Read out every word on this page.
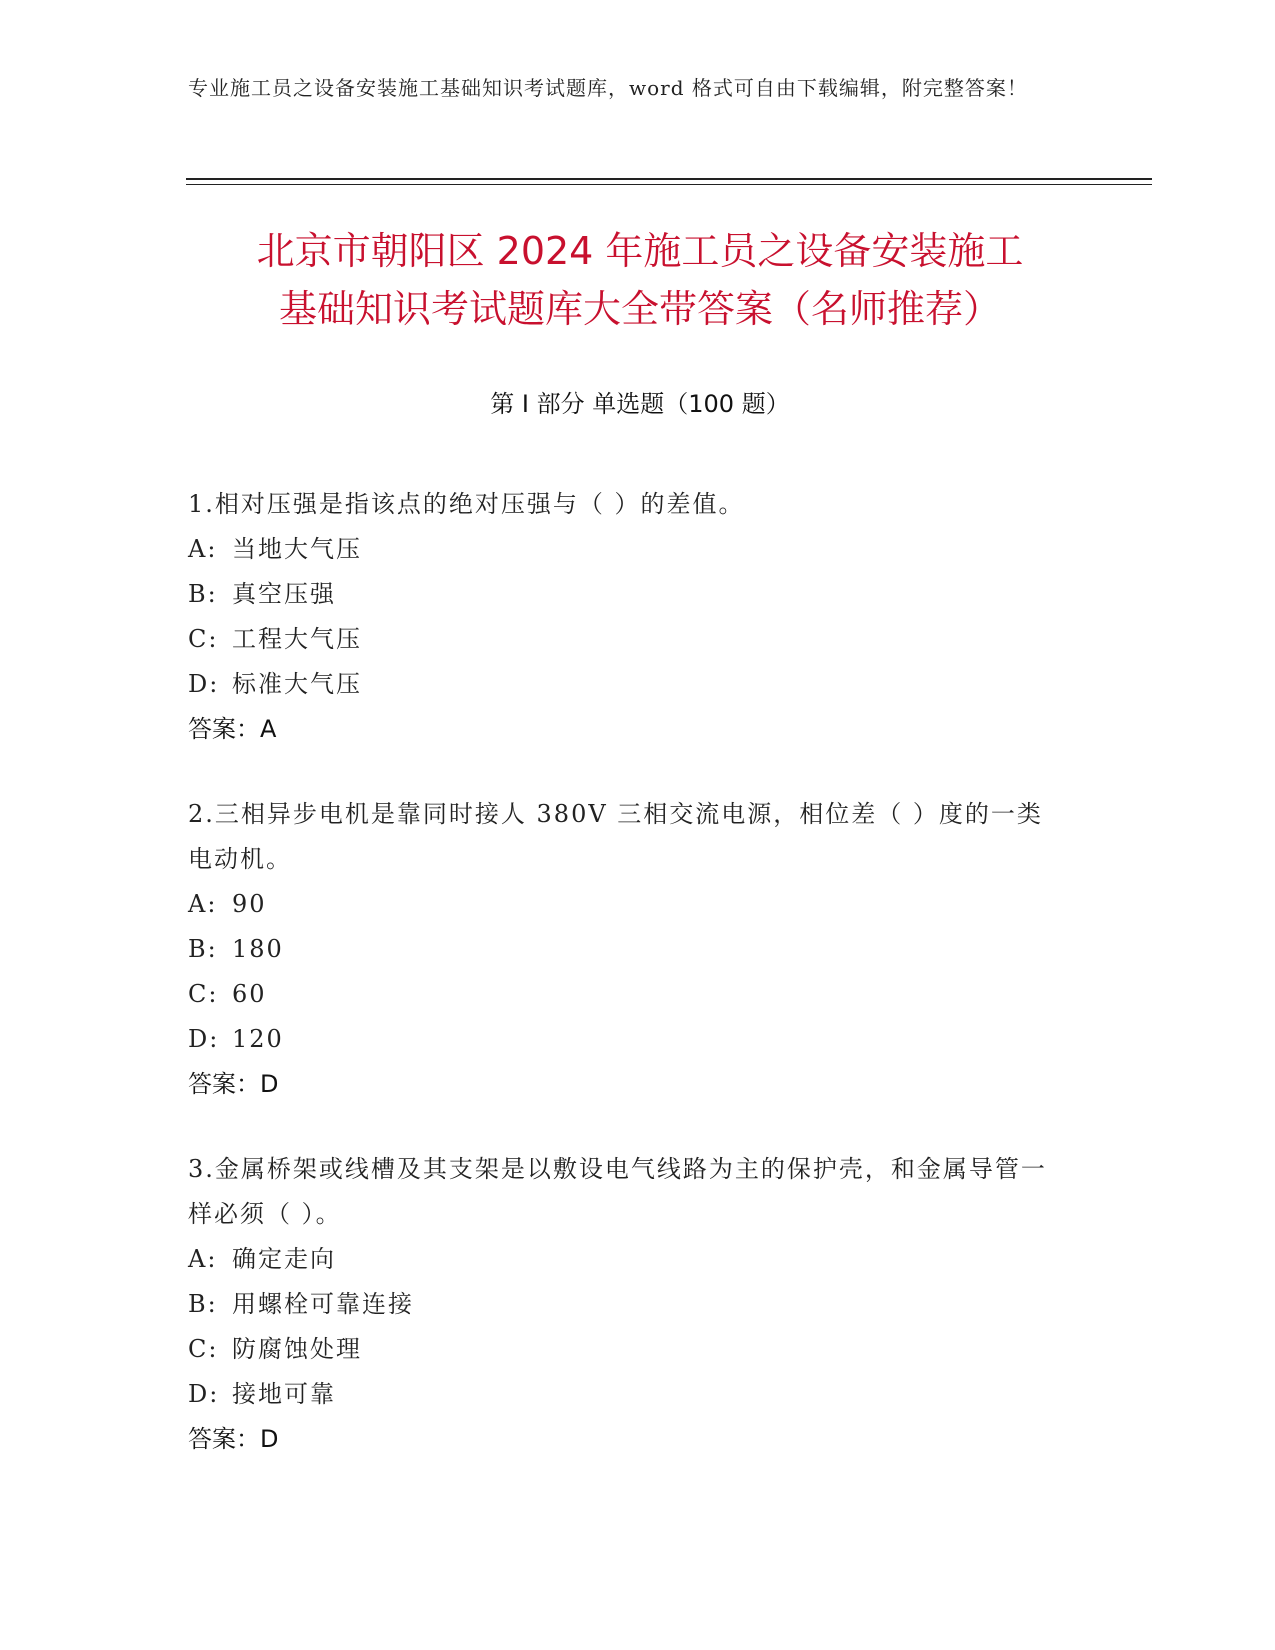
专业施工员之设备安装施工基础知识考试题库，word 格式可自由下载编辑，附完整答案！
北京市朝阳区 2024 年施工员之设备安装施工
基础知识考试题库大全带答案（名师推荐）
第 I 部分 单选题（100 题）
1.相对压强是指该点的绝对压强与（ ）的差值。
A: 当地大气压
B: 真空压强
C: 工程大气压
D: 标准大气压
答案：A
2.三相异步电机是靠同时接人 380V 三相交流电源，相位差（ ）度的一类电动机。
A: 90
B: 180
C: 60
D: 120
答案：D
3.金属桥架或线槽及其支架是以敷设电气线路为主的保护壳，和金属导管一样必须（ ）。
A: 确定走向
B: 用螺栓可靠连接
C: 防腐蚀处理
D: 接地可靠
答案：D
